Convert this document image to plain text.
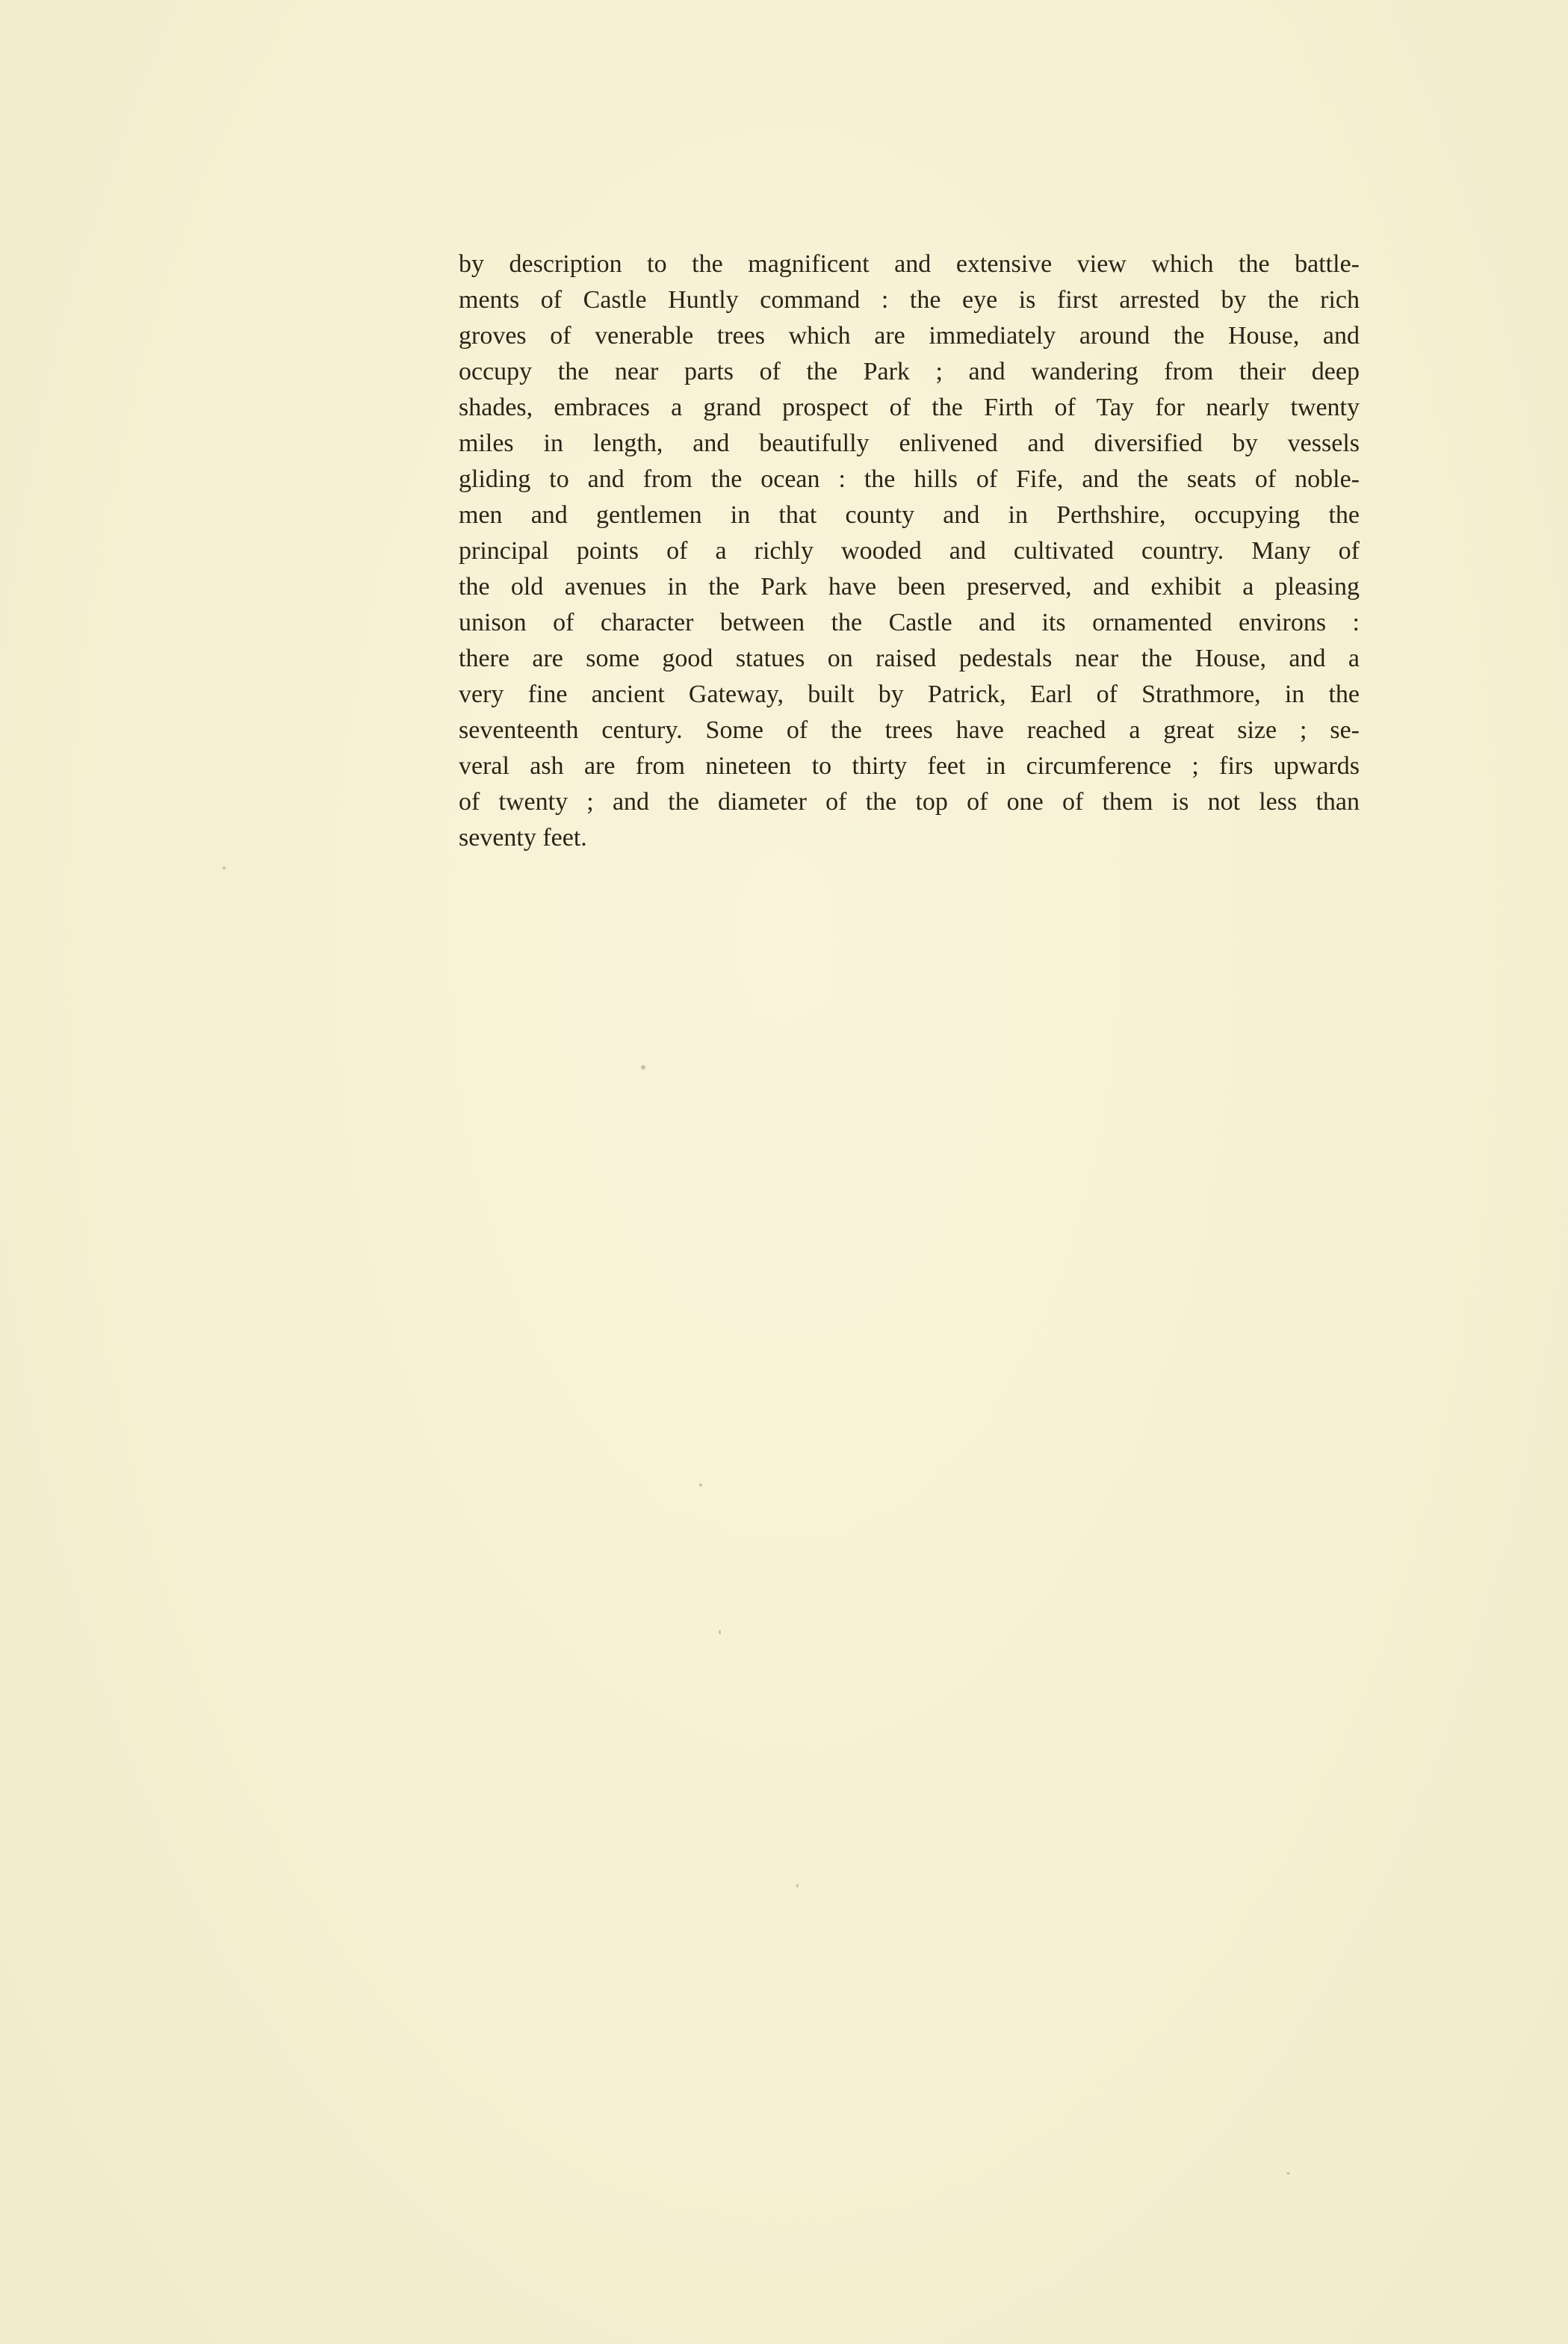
by description to the magnificent and extensive view which the battle-
ments of Castle Huntly command : the eye is first arrested by the rich
groves of venerable trees which are immediately around the House, and
occupy the near parts of the Park ; and wandering from their deep
shades, embraces a grand prospect of the Firth of Tay for nearly twenty
miles in length, and beautifully enlivened and diversified by vessels
gliding to and from the ocean : the hills of Fife, and the seats of noble-
men and gentlemen in that county and in Perthshire, occupying the
principal points of a richly wooded and cultivated country. Many of
the old avenues in the Park have been preserved, and exhibit a pleasing
unison of character between the Castle and its ornamented environs :
there are some good statues on raised pedestals near the House, and a
very fine ancient Gateway, built by Patrick, Earl of Strathmore, in the
seventeenth century. Some of the trees have reached a great size ; se-
veral ash are from nineteen to thirty feet in circumference ; firs upwards
of twenty ; and the diameter of the top of one of them is not less than
seventy feet.
